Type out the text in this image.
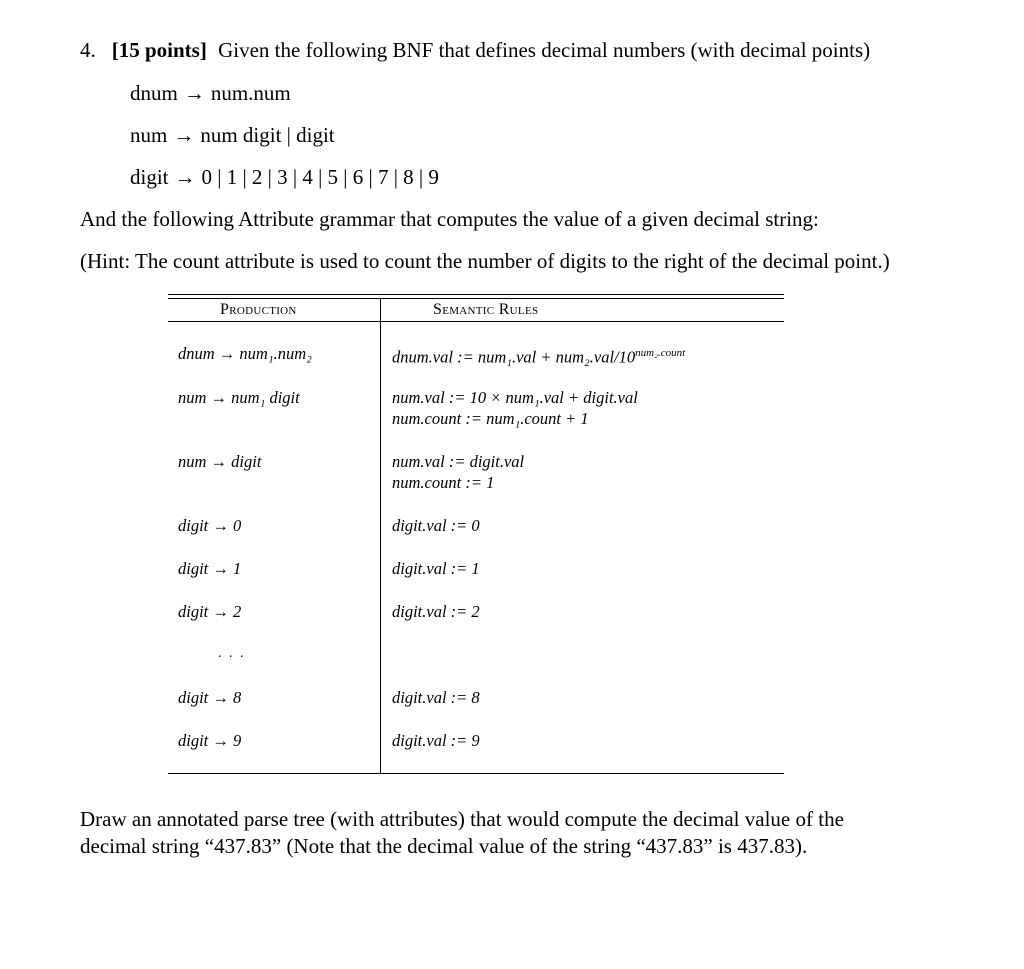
4. [15 points] Given the following BNF that defines decimal numbers (with decimal points)
dnum → num.num
num → num digit | digit
digit → 0 | 1 | 2 | 3 | 4 | 5 | 6 | 7 | 8 | 9
And the following Attribute grammar that computes the value of a given decimal string:
(Hint: The count attribute is used to count the number of digits to the right of the decimal point.)
Production	Semantic Rules
dnum → num₁.num₂	dnum.val := $num_1.val + num_2.val/10^{num_2.count}$
num → num₁ digit	num.val := 10 × num₁.val + digit.val
num.count := num₁.count + 1
num → digit	num.val := digit.val
num.count := 1
digit → 0	digit.val := 0
digit → 1	digit.val := 1
digit → 2	digit.val := 2
. . .
digit → 8	digit.val := 8
digit → 9	digit.val := 9
Draw an annotated parse tree (with attributes) that would compute the decimal value of the
decimal string “437.83” (Note that the decimal value of the string “437.83” is 437.83).
